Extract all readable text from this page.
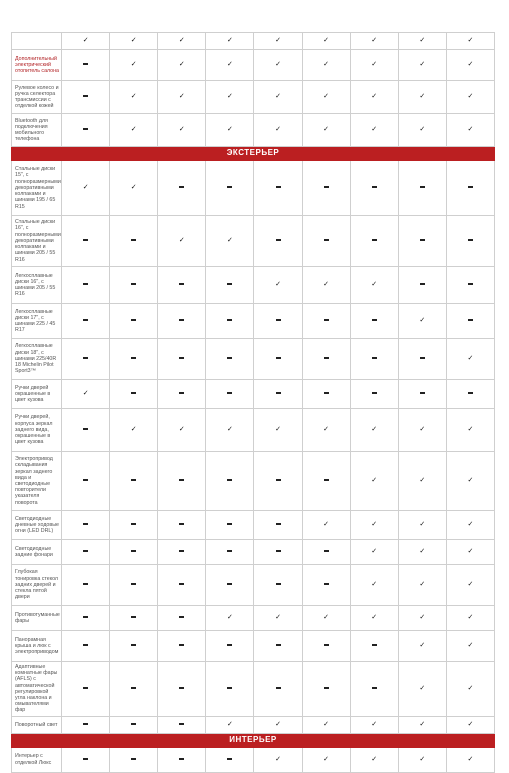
	✓	✓	✓	✓	✓	✓	✓	✓	✓
Дополнительный электрический отопитель салона		✓	✓	✓	✓	✓	✓	✓	✓
Рулевое колесо и ручка селектора трансмиссии с отделкой кожей		✓	✓	✓	✓	✓	✓	✓	✓
Bluetooth для подключения мобильного телефона		✓	✓	✓	✓	✓	✓	✓	✓
ЭКСТЕРЬЕР									
Стальные диски 15", с полноразмерными декоративными колпаками и шинами 195 / 65 R15	✓	✓							
Стальные диски 16", с полноразмерными декоративными колпаками и шинами 205 / 55 R16			✓	✓					
Легкосплавные диски 16", с шинами 205 / 55 R16					✓	✓	✓		
Легкосплавные диски 17", с шинами 225 / 45 R17								✓	
Легкосплавные диски 18", с шинами 225/40R 18 Michelin Pilot Sport3™									✓
Ручки дверей окрашенные в цвет кузова	✓								
Ручки дверей, корпуса зеркал заднего вида, окрашенные в цвет кузова		✓	✓	✓	✓	✓	✓	✓	✓
Электропривод складывания зеркал заднего вида и светодиодные повторители указателя поворота							✓	✓	✓
Светодиодные дневные ходовые огни (LED DRL)						✓	✓	✓	✓
Светодиодные задние фонари							✓	✓	✓
Глубокая тонировка стекол задних дверей и стекла пятой двери							✓	✓	✓
Противотуманные фары				✓	✓	✓	✓	✓	✓
Панорамная крыша и люк с электроприводом								✓	✓
Адаптивные комнатные фары (AFLS) с автоматической регулировкой угла наклона и омывателями фар								✓	✓
Поворотный свет				✓	✓	✓	✓	✓	✓
ИНТЕРЬЕР									
Интерьер с отделкой Люкс					✓	✓	✓	✓	✓
